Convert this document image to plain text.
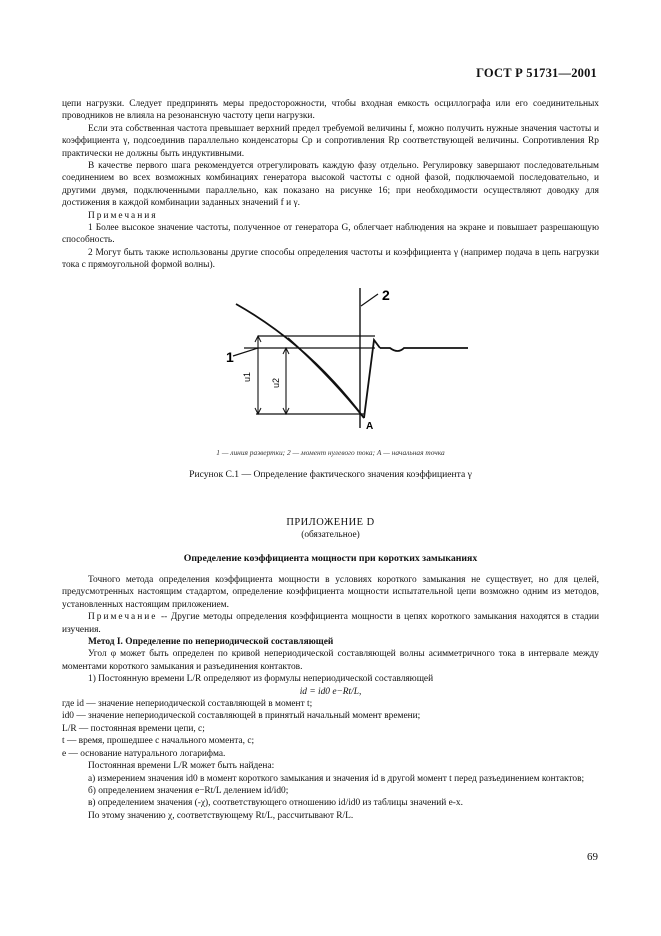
ГОСТ Р 51731—2001

цепи нагрузки. Следует предпринять меры предосторожности, чтобы входная емкость осциллографа или его соединительных проводников не влияла на резонансную частоту цепи нагрузки.

Если эта собственная частота превышает верхний предел требуемой величины f, можно получить нужные значения частоты и коэффициента γ, подсоединив параллельно конденсаторы Cp и сопротивления Rp соответствующей величины. Сопротивления Rp практически не должны быть индуктивными.

В качестве первого шага рекомендуется отрегулировать каждую фазу отдельно. Регулировку завершают последовательным соединением во всех возможных комбинациях генератора высокой частоты с одной фазой, подключаемой последовательно, и другими двумя, подключенными параллельно, как показано на рисунке 16; при необходимости осуществляют доводку для достижения в каждой комбинации заданных значений f и γ.

Примечания

1 Более высокое значение частоты, полученное от генератора G, облегчает наблюдения на экране и повышает разрешающую способность.

2 Могут быть также использованы другие способы определения частоты и коэффициента γ (например подача в цепь нагрузки тока с прямоугольной формой волны).

2
1
u1
u2
A
1 — линия развертки; 2 — момент нулевого тока; А — начальная точка
Рисунок С.1 — Определение фактического значения коэффициента γ
ПРИЛОЖЕНИЕ D
(обязательное)
Определение коэффициента мощности при коротких замыканиях

Точного метода определения коэффициента мощности в условиях короткого замыкания не существует, но для целей, предусмотренных настоящим стадартом, определение коэффициента мощности испытательной цепи возможно одним из методов, установленных настоящим приложением.

Примечание -- Другие методы определения коэффициента мощности в цепях короткого замыкания находятся в стадии изучения.

Метод I. Определение по непериодической составляющей

Угол φ может быть определен по кривой непериодической составляющей волны асимметричного тока в интервале между моментами короткого замыкания и разъединения контактов.

1) Постоянную времени L/R определяют из формулы непериодической составляющей

id = id0 e−Rt/L,

где id — значение непериодической составляющей в момент t;

id0 — значение непериодической составляющей в принятый начальный момент времени;

L/R — постоянная времени цепи, с;

t — время, прошедшее с начального момента, с;

e — основание натурального логарифма.

Постоянная времени L/R может быть найдена:

а) измерением значения id0 в момент короткого замыкания и значения id в другой момент t перед разъединением контактов;

б) определением значения e−Rt/L делением id/id0;

в) определением значения (-χ), соответствующего отношению id/id0 из таблицы значений e-x.

По этому значению χ, соответствующему Rt/L, рассчитывают R/L.

69
